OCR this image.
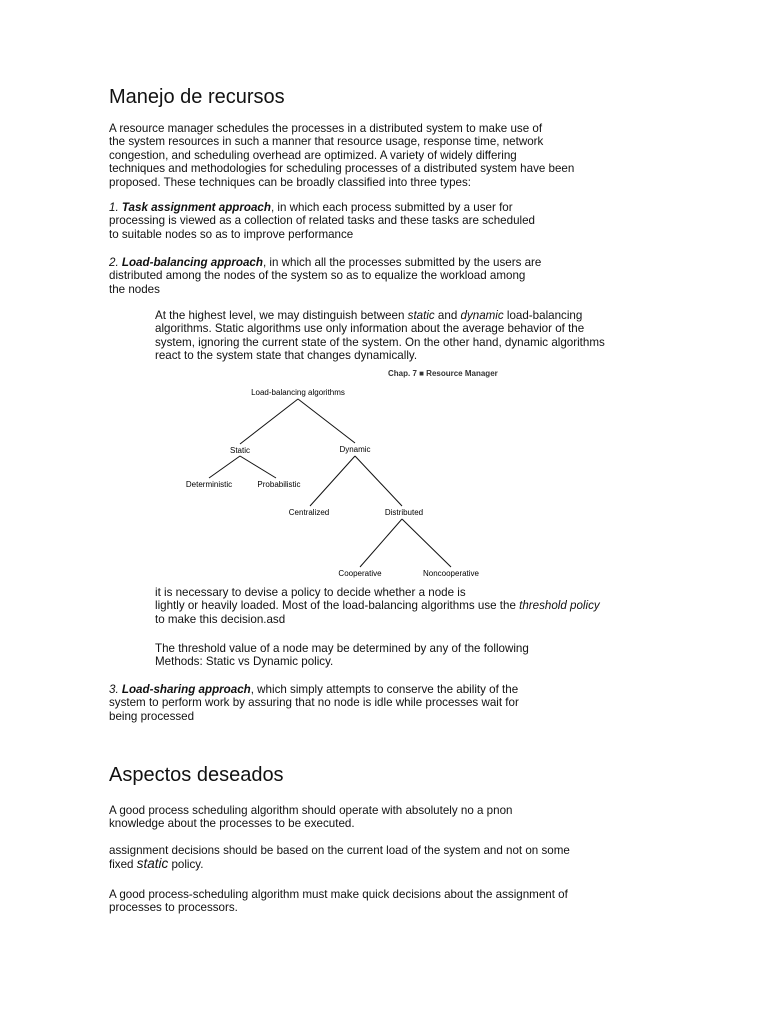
Manejo de recursos

A resource manager schedules the processes in a distributed system to make use of
the system resources in such a manner that resource usage, response time, network
congestion, and scheduling overhead are optimized. A variety of widely differing
techniques and methodologies for scheduling processes of a distributed system have been
proposed. These techniques can be broadly classified into three types:

1. Task assignment approach, in which each process submitted by a user for
processing is viewed as a collection of related tasks and these tasks are scheduled
to suitable nodes so as to improve performance

2. Load-balancing approach, in which all the processes submitted by the users are
distributed among the nodes of the system so as to equalize the workload among
the nodes

At the highest level, we may distinguish between static and dynamic load-balancing
algorithms. Static algorithms use only information about the average behavior of the
system, ignoring the current state of the system. On the other hand, dynamic algorithms
react to the system state that changes dynamically.

Chap. 7 ■ Resource Manager
Load-balancing algorithms
Static	Dynamic
Deterministic	Probabilistic
Centralized	Distributed
Cooperative	Noncooperative

it is necessary to devise a policy to decide whether a node is
lightly or heavily loaded. Most of the load-balancing algorithms use the threshold policy
to make this decision.asd

The threshold value of a node may be determined by any of the following
Methods: Static vs Dynamic policy.

3. Load-sharing approach, which simply attempts to conserve the ability of the
system to perform work by assuring that no node is idle while processes wait for
being processed

Aspectos deseados

A good process scheduling algorithm should operate with absolutely no a pnon
knowledge about the processes to be executed.

assignment decisions should be based on the current load of the system and not on some
fixed static policy.

A good process-scheduling algorithm must make quick decisions about the assignment of
processes to processors.
